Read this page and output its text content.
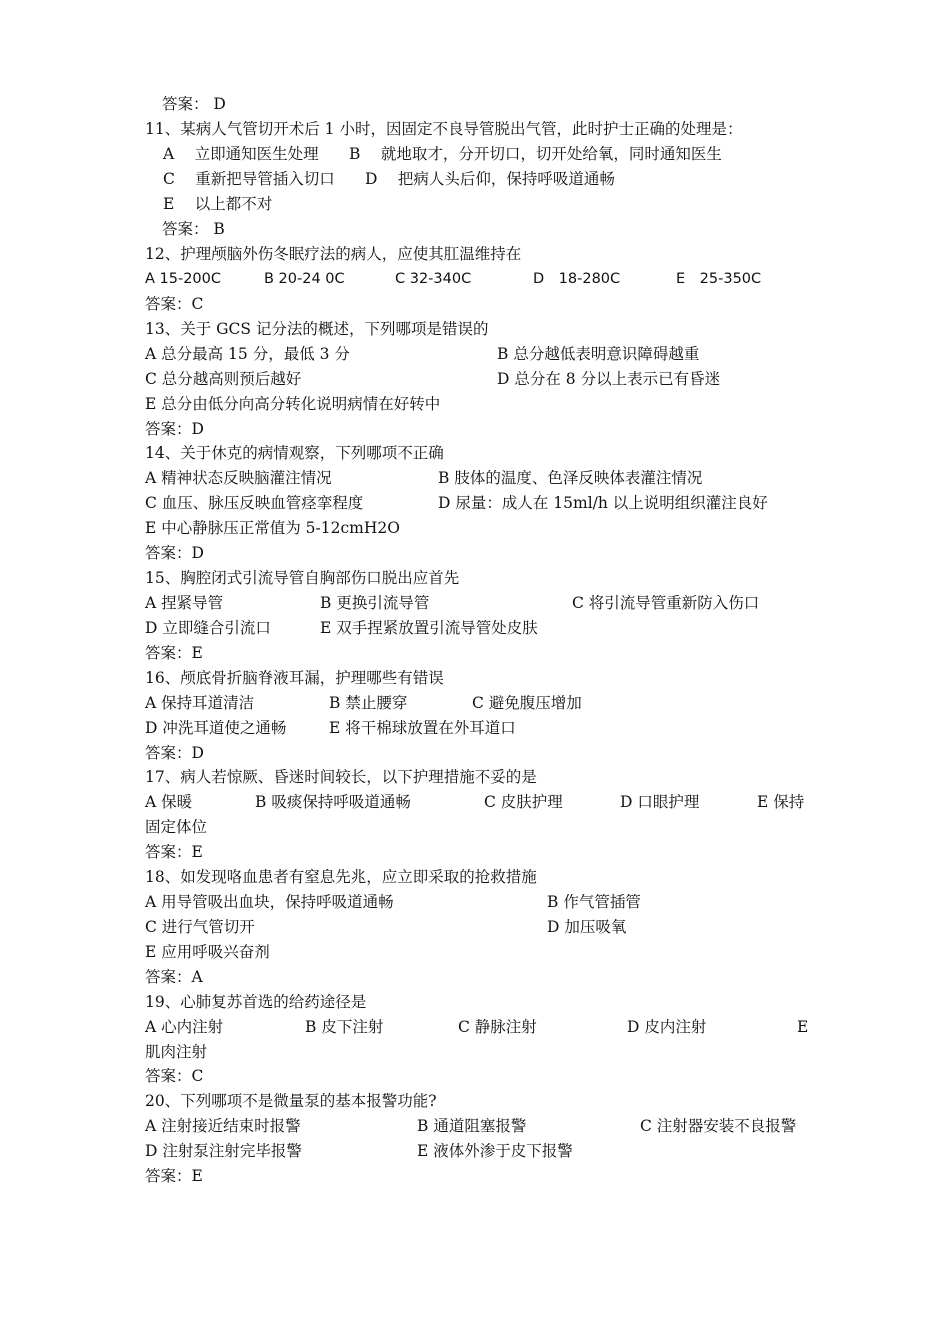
答案： D
11、某病人气管切开术后 1 小时，因固定不良导管脱出气管，此时护士正确的处理是：
A　 立即通知医生处理 B　 就地取才，分开切口，切开处给氧，同时通知医生
C　 重新把导管插入切口 D　 把病人头后仰，保持呼吸道通畅
E　 以上都不对
答案： B
12、护理颅脑外伤冬眠疗法的病人，应使其肛温维持在
A 15-200C	B 20-24 0C	C 32-340C	D　18-280C	E　25-350C
答案：C
13、关于 GCS 记分法的概述，下列哪项是错误的
A 总分最高 15 分，最低 3 分	B 总分越低表明意识障碍越重
C 总分越高则预后越好	D 总分在 8 分以上表示已有昏迷
E 总分由低分向高分转化说明病情在好转中
答案：D
14、关于休克的病情观察，下列哪项不正确
A 精神状态反映脑灌注情况	B 肢体的温度、色泽反映体表灌注情况
C 血压、脉压反映血管痉挛程度	D 尿量：成人在 15ml/h 以上说明组织灌注良好
E 中心静脉压正常值为 5-12cmH2O
答案：D
15、胸腔闭式引流导管自胸部伤口脱出应首先
A 捏紧导管	B 更换引流导管	C 将引流导管重新防入伤口
D 立即缝合引流口	E 双手捏紧放置引流导管处皮肤
答案：E
16、颅底骨折脑脊液耳漏，护理哪些有错误
A 保持耳道清洁	B 禁止腰穿	C 避免腹压增加
D 冲洗耳道使之通畅	E 将干棉球放置在外耳道口
答案：D
17、病人若惊厥、昏迷时间较长，以下护理措施不妥的是
A 保暖	B 吸痰保持呼吸道通畅	C 皮肤护理	D 口眼护理	E 保持
固定体位
答案：E
18、如发现咯血患者有窒息先兆，应立即采取的抢救措施
A 用导管吸出血块，保持呼吸道通畅	B 作气管插管
C 进行气管切开	D 加压吸氧
E 应用呼吸兴奋剂
答案：A
19、心肺复苏首选的给药途径是
A 心内注射	B 皮下注射	C 静脉注射	D 皮内注射	E
肌肉注射
答案：C
20、下列哪项不是微量泵的基本报警功能?
A 注射接近结束时报警	B 通道阻塞报警	C 注射器安装不良报警
D 注射泵注射完毕报警	E 液体外渗于皮下报警
答案：E
